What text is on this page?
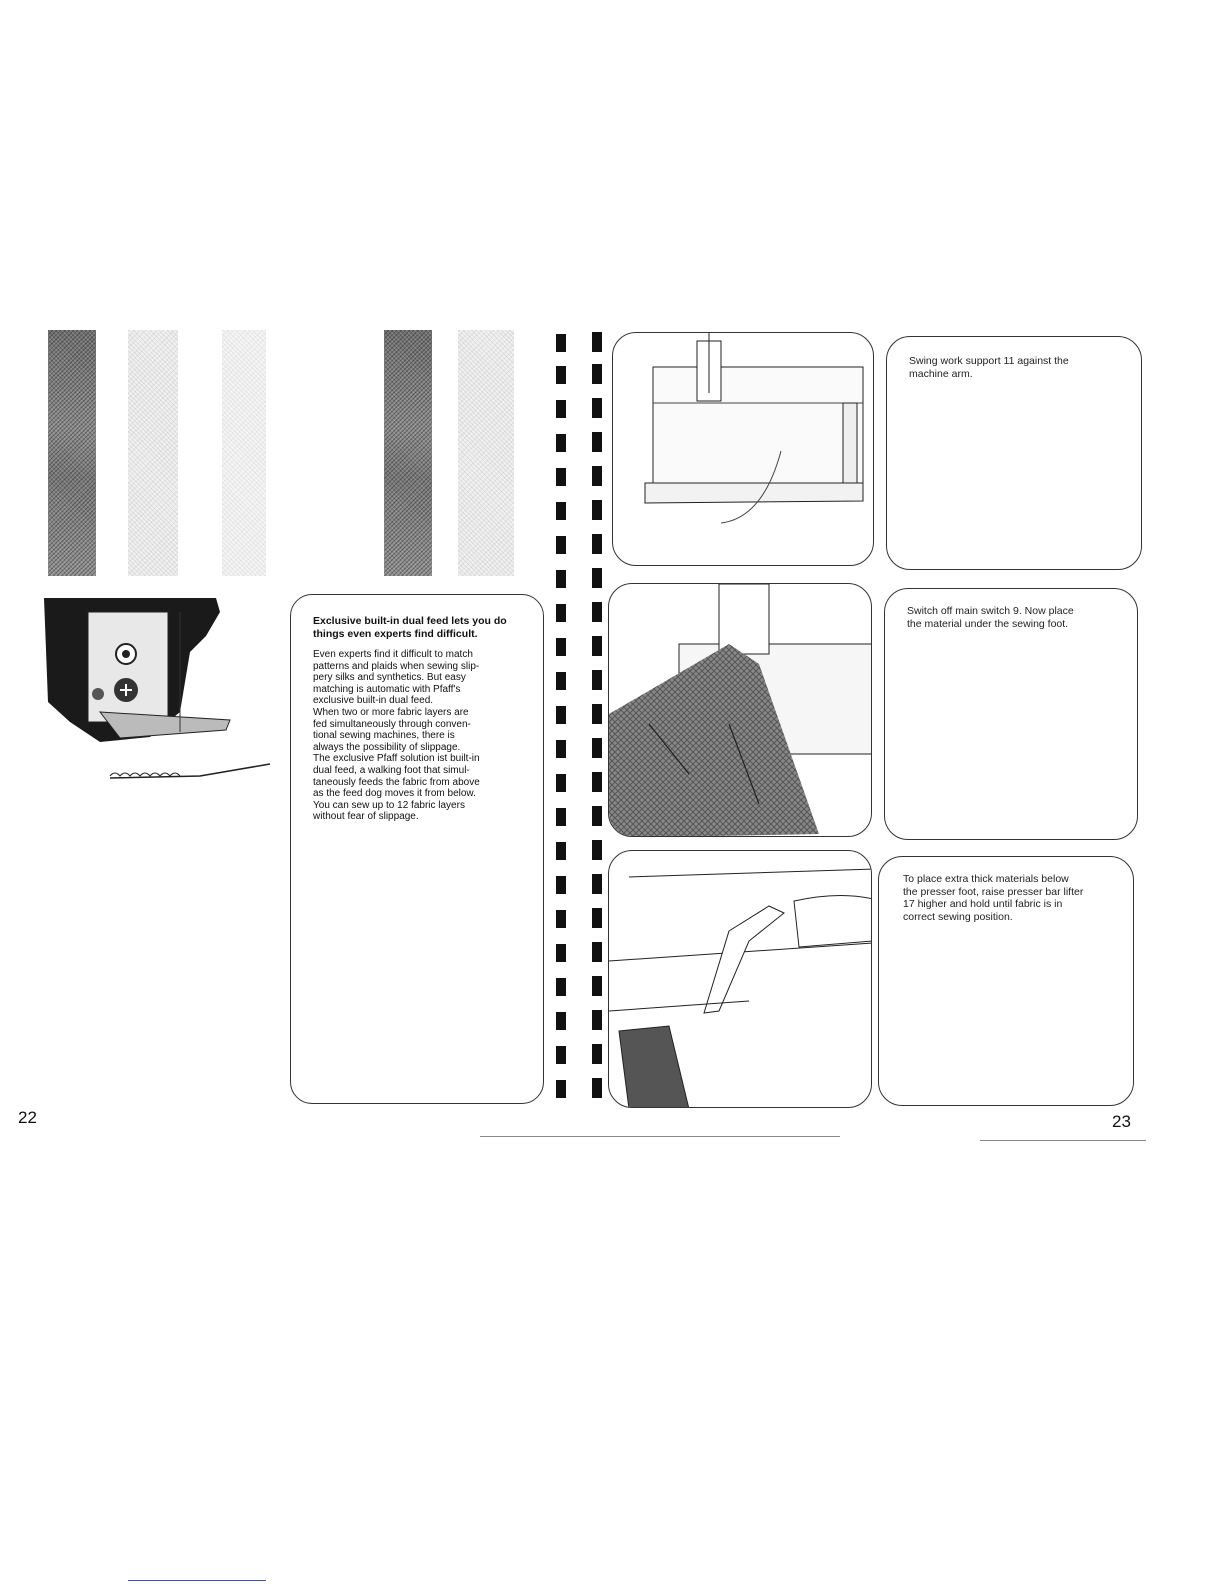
Exclusive built-in dual feed lets you do things even experts find difficult.

Even experts find it difficult to match
patterns and plaids when sewing slip-
pery silks and synthetics. But easy
matching is automatic with Pfaff's
exclusive built-in dual feed.
When two or more fabric layers are
fed simultaneously through conven-
tional sewing machines, there is
always the possibility of slippage.
The exclusive Pfaff solution ist built-in
dual feed, a walking foot that simul-
taneously feeds the fabric from above
as the feed dog moves it from below.
You can sew up to 12 fabric layers
without fear of slippage.

22
Swing work support 11 against the
machine arm.
Switch off main switch 9. Now place
the material under the sewing foot.
To place extra thick materials below
the presser foot, raise presser bar lifter
17 higher and hold until fabric is in
correct sewing position.
23
